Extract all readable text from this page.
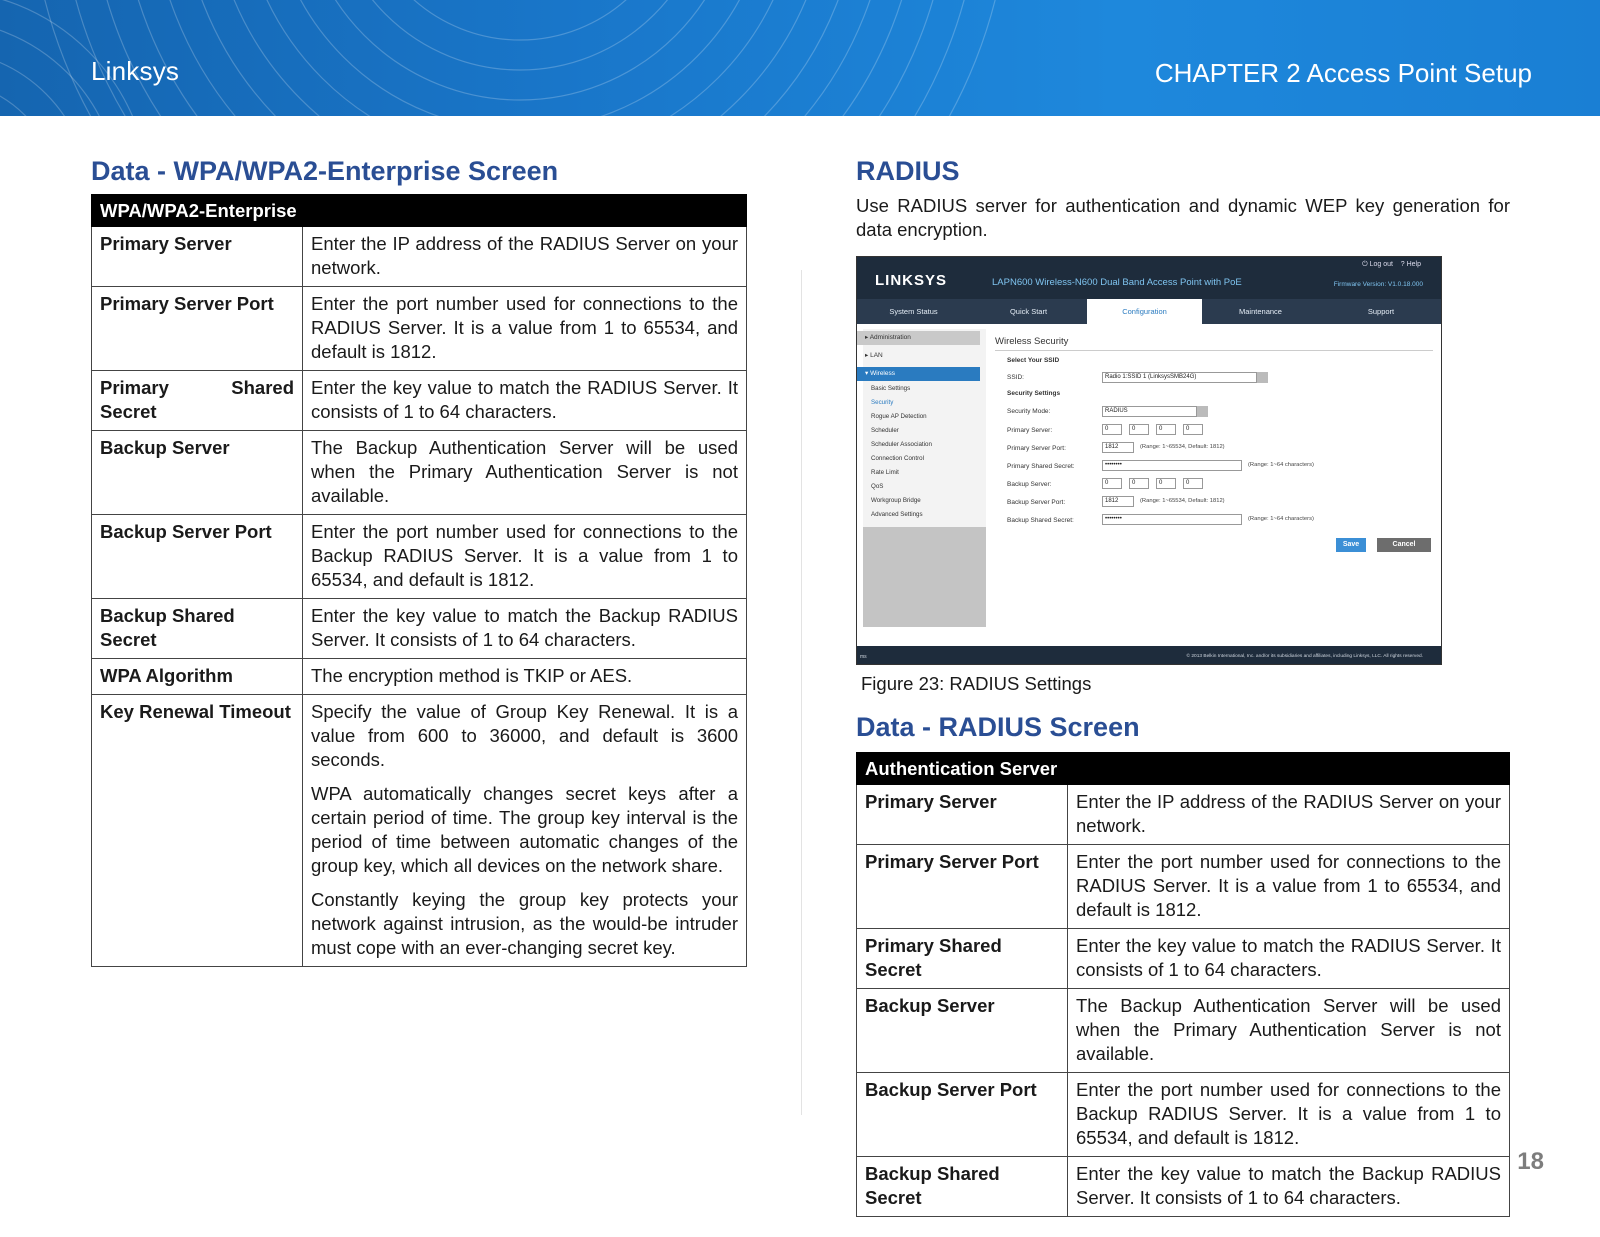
Linksys	CHAPTER 2 Access Point Setup
Data - WPA/WPA2-Enterprise Screen
WPA/WPA2-Enterprise	
Primary Server	Enter the IP address of the RADIUS Server on your network.

Primary Server Port	Enter the port number used for connections to the RADIUS Server. It is a value from 1 to 65534, and default is 1812.

Primary Shared Secret	Enter the key value to match the RADIUS Server. It consists of 1 to 64 characters.

Backup Server	The Backup Authentication Server will be used when the Primary Authentication Server is not available.

Backup Server Port	Enter the port number used for connections to the Backup RADIUS Server. It is a value from 1 to 65534, and default is 1812.

Backup Shared Secret	Enter the key value to match the Backup RADIUS Server. It consists of 1 to 64 characters.

WPA Algorithm	The encryption method is TKIP or AES.

Key Renewal Timeout	Specify the value of Group Key Renewal. It is a value from 600 to 36000, and default is 3600 seconds.

WPA automatically changes secret keys after a certain period of time. The group key interval is the period of time between automatic changes of the group key, which all devices on the network share.

Constantly keying the group key protects your network against intrusion, as the would-be intruder must cope with an ever-changing secret key.

RADIUS

Use RADIUS server for authentication and dynamic WEP key generation for data encryption.

LINKSYS	LAPN600 Wireless-N600 Dual Band Access Point with PoE
⏻ Log out ? Help
Firmware Version: V1.0.18.000
System Status	Quick Start	Configuration	Maintenance	Support
▸ Administration
▸ LAN
▾ Wireless
Basic Settings
Security
Rogue AP Detection
Scheduler
Scheduler Association
Connection Control
Rate Limit
QoS
Workgroup Bridge
Advanced Settings
Wireless Security
Select Your SSID
SSID:	Radio 1:SSID 1 (LinksysSMB24G)
Security Settings
Security Mode:	RADIUS
Primary Server:	0	0	0	0
Primary Server Port:	1812	(Range: 1~65534, Default: 1812)
Primary Shared Secret:	••••••••	(Range: 1~64 characters)
Backup Server:	0	0	0	0
Backup Server Port:	1812	(Range: 1~65534, Default: 1812)
Backup Shared Secret:	••••••••	(Range: 1~64 characters)
Save	Cancel
ms	© 2013 Belkin International, Inc. and/or its subsidiaries and affiliates, including Linksys, LLC. All rights reserved.

Figure 23: RADIUS Settings

Data - RADIUS Screen
Authentication Server	
Primary Server	Enter the IP address of the RADIUS Server on your network.
Primary Server Port	Enter the port number used for connections to the RADIUS Server. It is a value from 1 to 65534, and default is 1812.
Primary Shared Secret	Enter the key value to match the RADIUS Server. It consists of 1 to 64 characters.
Backup Server	The Backup Authentication Server will be used when the Primary Authentication Server is not available.
Backup Server Port	Enter the port number used for connections to the Backup RADIUS Server. It is a value from 1 to 65534, and default is 1812.
Backup Shared Secret	Enter the key value to match the Backup RADIUS Server. It consists of 1 to 64 characters.
18
